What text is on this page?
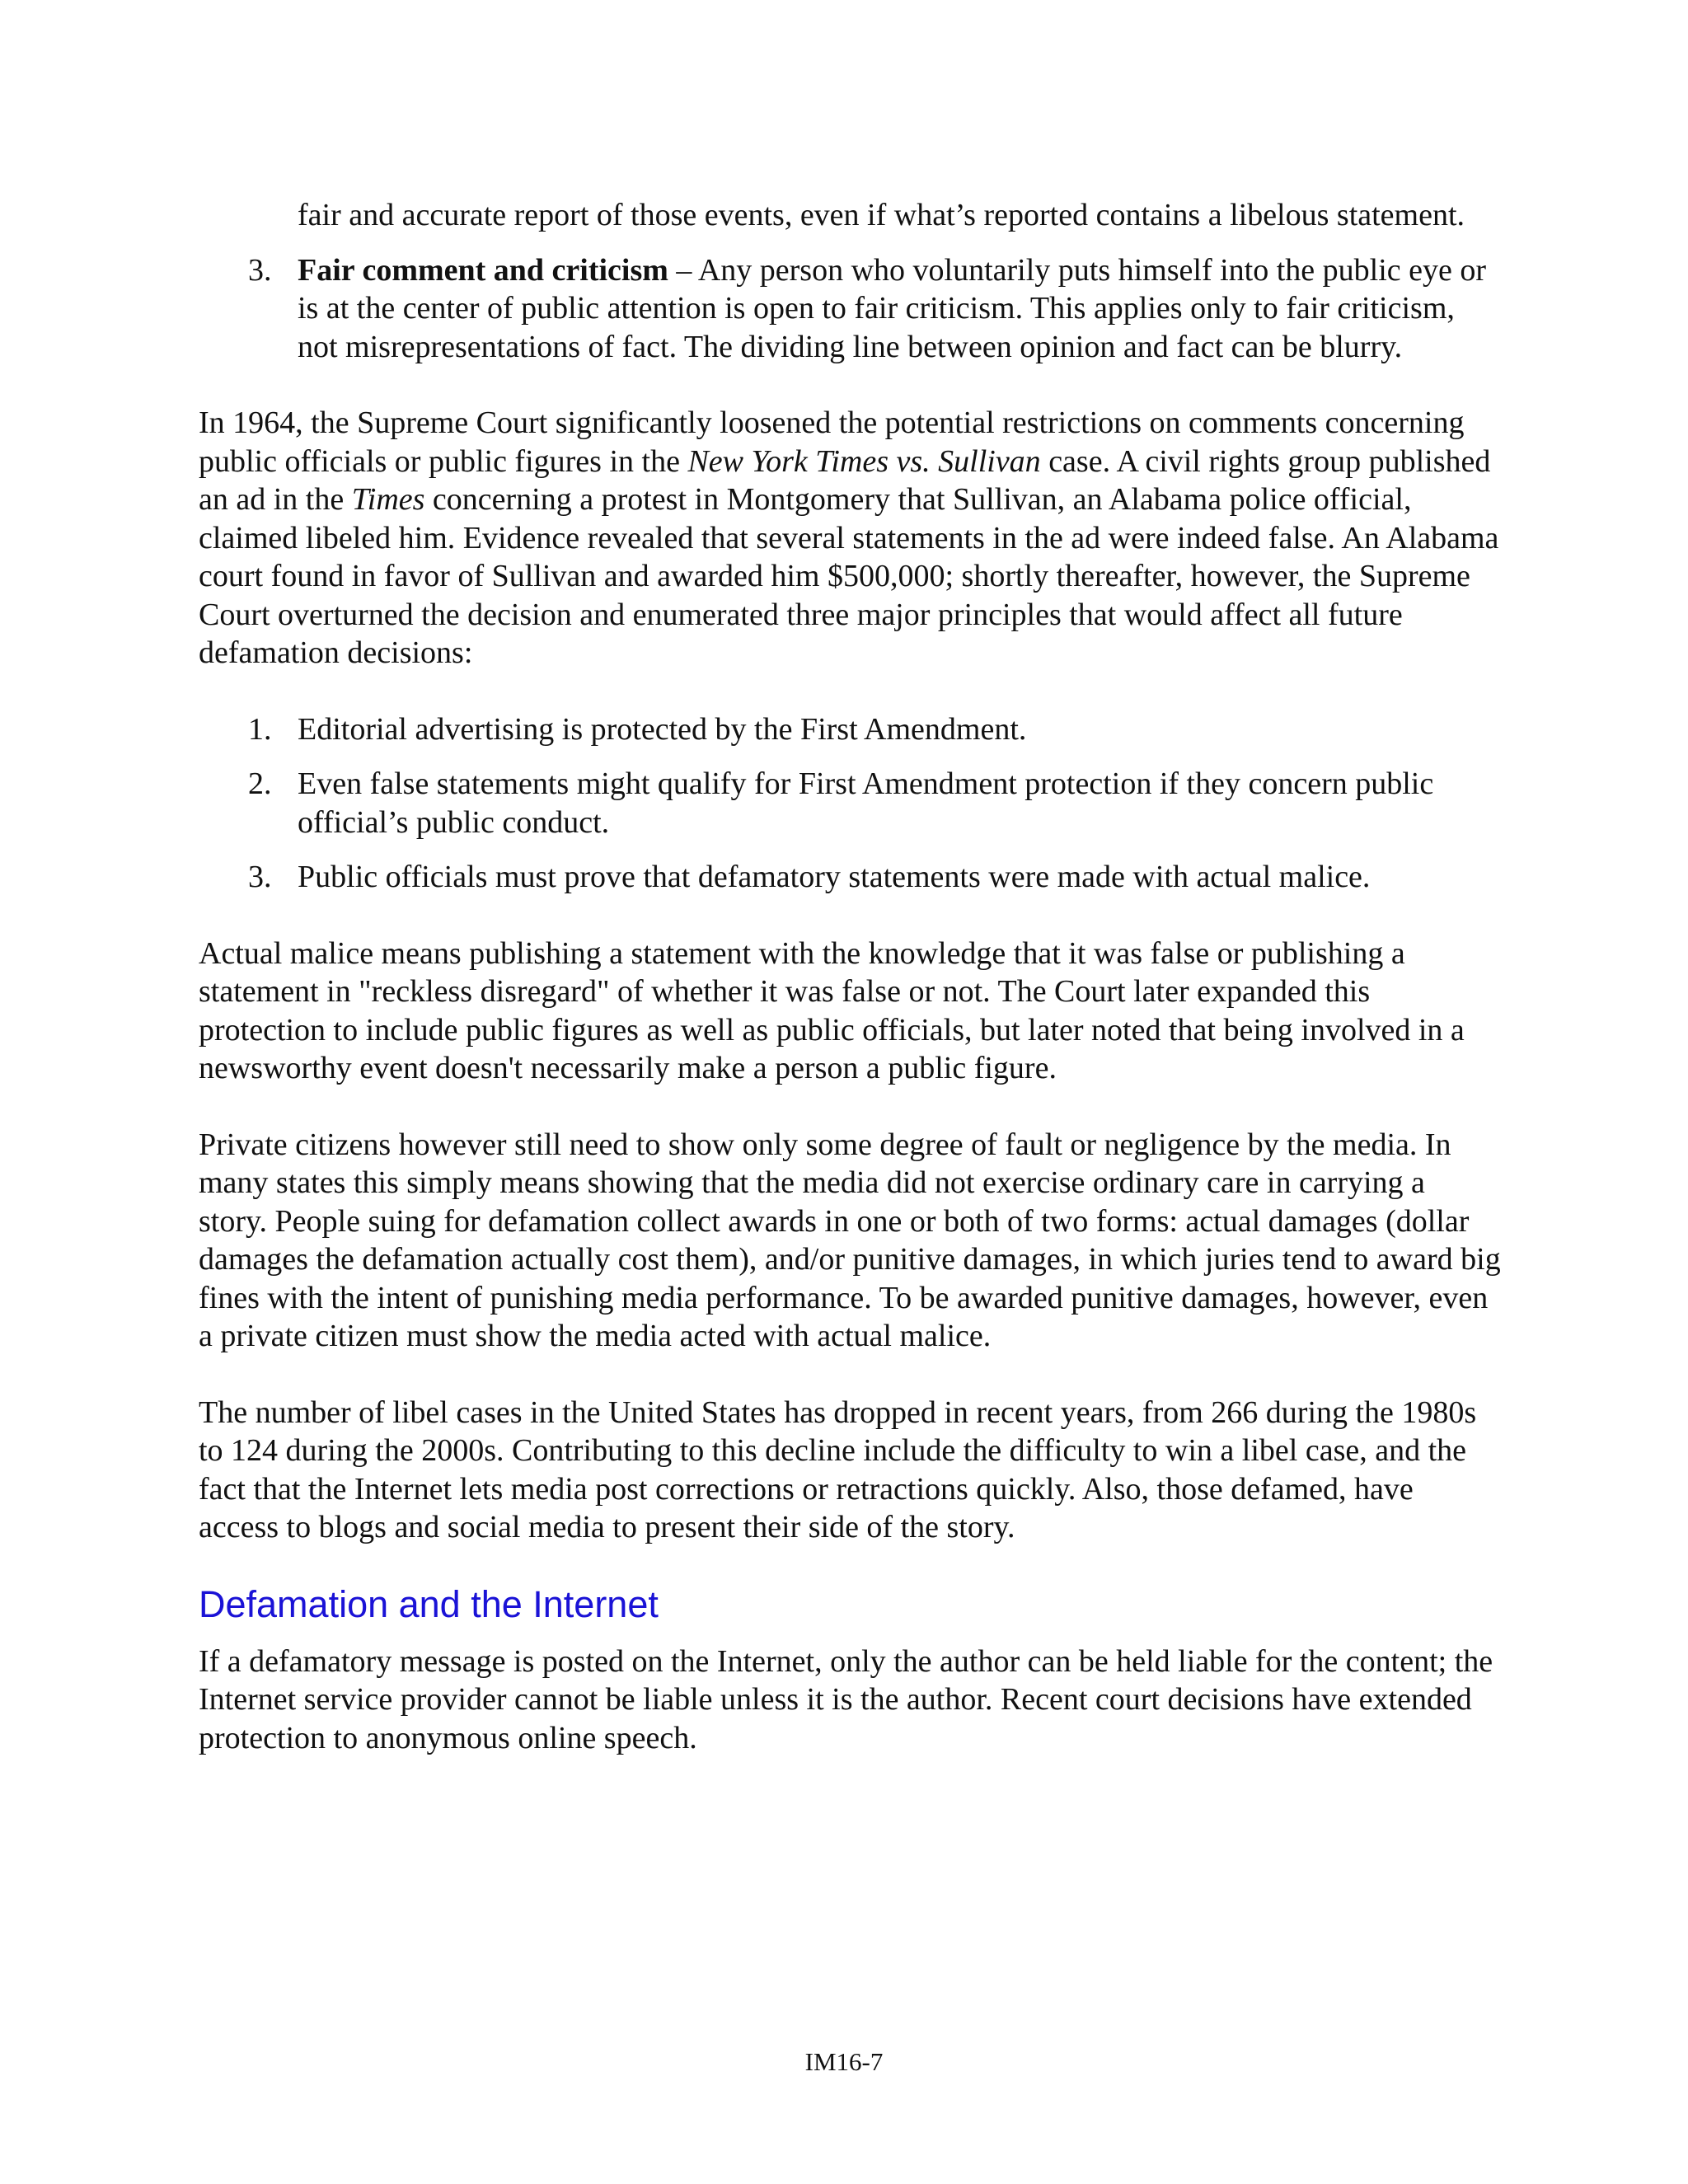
fair and accurate report of those events, even if what’s reported contains a libelous statement.

3. Fair comment and criticism – Any person who voluntarily puts himself into the public eye or is at the center of public attention is open to fair criticism. This applies only to fair criticism, not misrepresentations of fact. The dividing line between opinion and fact can be blurry.

In 1964, the Supreme Court significantly loosened the potential restrictions on comments concerning public officials or public figures in the New York Times vs. Sullivan case. A civil rights group published an ad in the Times concerning a protest in Montgomery that Sullivan, an Alabama police official, claimed libeled him. Evidence revealed that several statements in the ad were indeed false. An Alabama court found in favor of Sullivan and awarded him $500,000; shortly thereafter, however, the Supreme Court overturned the decision and enumerated three major principles that would affect all future defamation decisions:

1. Editorial advertising is protected by the First Amendment.
2. Even false statements might qualify for First Amendment protection if they concern public official’s public conduct.
3. Public officials must prove that defamatory statements were made with actual malice.

Actual malice means publishing a statement with the knowledge that it was false or publishing a statement in "reckless disregard" of whether it was false or not. The Court later expanded this protection to include public figures as well as public officials, but later noted that being involved in a newsworthy event doesn't necessarily make a person a public figure.

Private citizens however still need to show only some degree of fault or negligence by the media. In many states this simply means showing that the media did not exercise ordinary care in carrying a story. People suing for defamation collect awards in one or both of two forms: actual damages (dollar damages the defamation actually cost them), and/or punitive damages, in which juries tend to award big fines with the intent of punishing media performance. To be awarded punitive damages, however, even a private citizen must show the media acted with actual malice.

The number of libel cases in the United States has dropped in recent years, from 266 during the 1980s to 124 during the 2000s. Contributing to this decline include the difficulty to win a libel case, and the fact that the Internet lets media post corrections or retractions quickly. Also, those defamed, have access to blogs and social media to present their side of the story.

Defamation and the Internet

If a defamatory message is posted on the Internet, only the author can be held liable for the content; the Internet service provider cannot be liable unless it is the author. Recent court decisions have extended protection to anonymous online speech.

IM16-7
